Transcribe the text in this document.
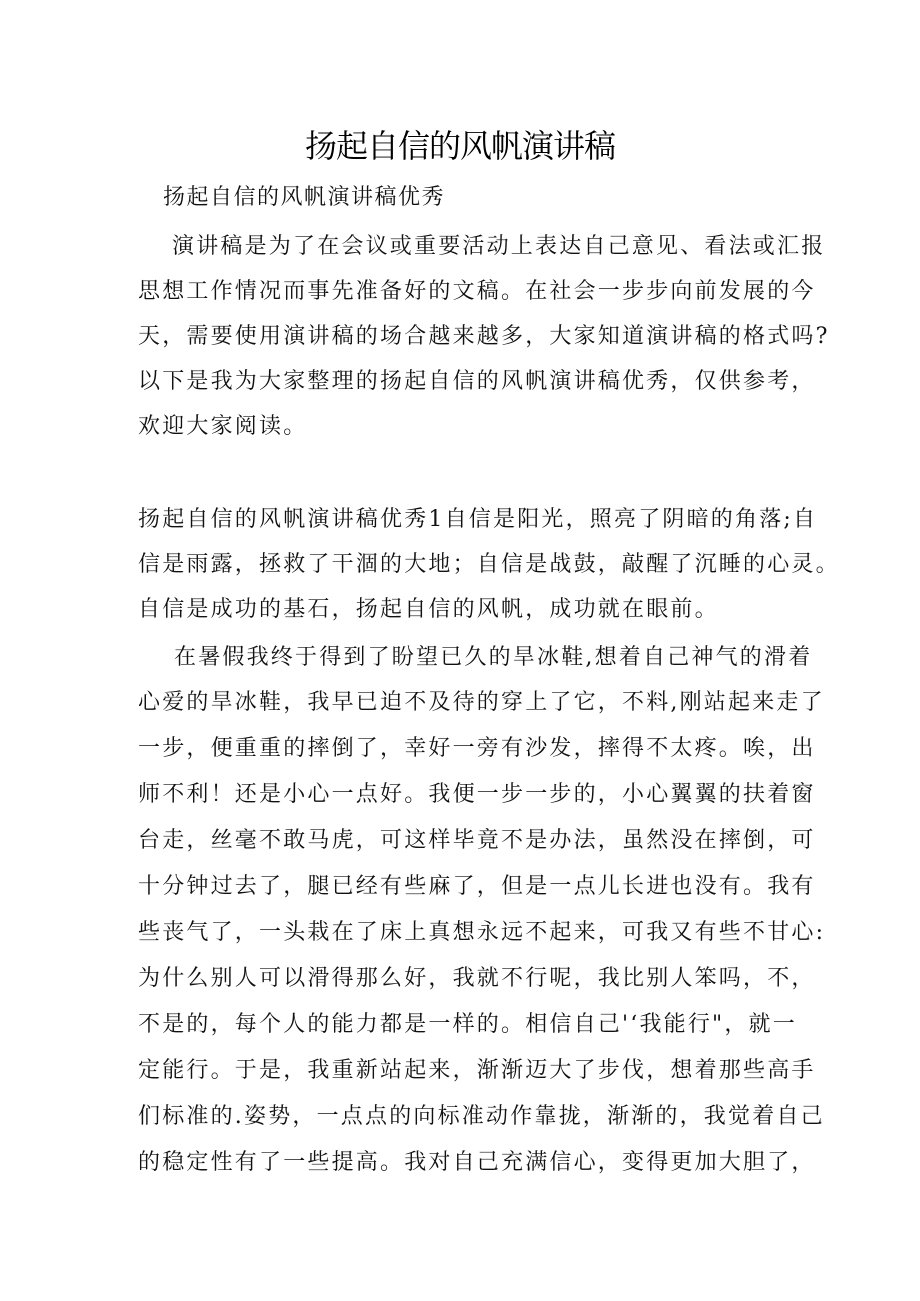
扬起自信的风帆演讲稿
扬起自信的风帆演讲稿优秀
演讲稿是为了在会议或重要活动上表达自己意见、看法或汇报
思想工作情况而事先准备好的文稿。在社会一步步向前发展的今
天，需要使用演讲稿的场合越来越多，大家知道演讲稿的格式吗?
以下是我为大家整理的扬起自信的风帆演讲稿优秀，仅供参考，
欢迎大家阅读。
扬起自信的风帆演讲稿优秀1自信是阳光，照亮了阴暗的角落;自
信是雨露，拯救了干涸的大地；自信是战鼓，敲醒了沉睡的心灵。
自信是成功的基石，扬起自信的风帆，成功就在眼前。
在暑假我终于得到了盼望已久的旱冰鞋,想着自己神气的滑着
心爱的旱冰鞋，我早已迫不及待的穿上了它，不料,刚站起来走了
一步，便重重的摔倒了，幸好一旁有沙发，摔得不太疼。唉，出
师不利！还是小心一点好。我便一步一步的，小心翼翼的扶着窗
台走，丝毫不敢马虎，可这样毕竟不是办法，虽然没在摔倒，可
十分钟过去了，腿已经有些麻了，但是一点儿长进也没有。我有
些丧气了，一头栽在了床上真想永远不起来，可我又有些不甘心:
为什么别人可以滑得那么好，我就不行呢，我比别人笨吗，不，
不是的，每个人的能力都是一样的。相信自己'‘我能行"，就一
定能行。于是，我重新站起来，渐渐迈大了步伐，想着那些高手
们标准的.姿势，一点点的向标准动作靠拢，渐渐的，我觉着自己
的稳定性有了一些提高。我对自己充满信心，变得更加大胆了，
